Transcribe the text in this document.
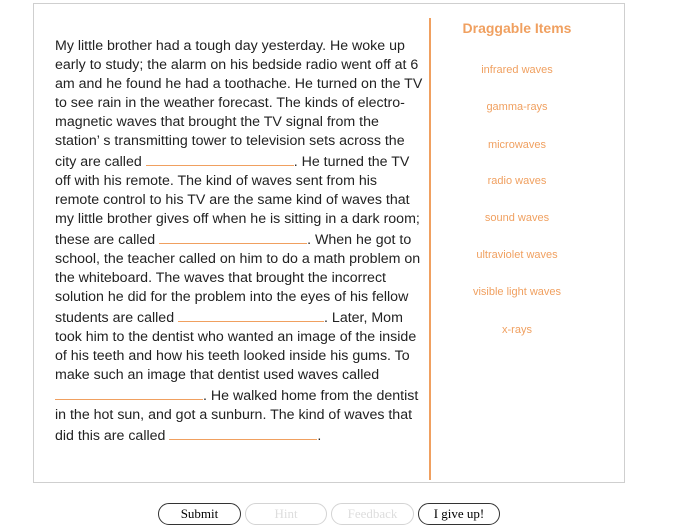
My little brother had a tough day yesterday. He woke up early to study; the alarm on his bedside radio went off at 6 am and he found he had a toothache. He turned on the TV to see rain in the weather forecast. The kinds of electro- magnetic waves that brought the TV signal from the station’ s transmitting tower to television sets across the city are called	. He turned the TV off with his remote. The kind of waves sent from his remote control to his TV are the same kind of waves that my little brother gives off when he is sitting in a dark room; these are called	. When he got to school, the teacher called on him to do a math problem on the whiteboard. The waves that brought the incorrect solution he did for the problem into the eyes of his fellow students are called	. Later, Mom took him to the dentist who wanted an image of the inside of his teeth and how his teeth looked inside his gums. To make such an image that dentist used waves called . He walked home from the dentist in the hot sun, and got a sunburn. The kind of waves that did this are called	.
Draggable Items
infrared waves
gamma-rays
microwaves
radio waves
sound waves
ultraviolet waves
visible light waves
x-rays
Submit	Hint	Feedback	I give up!
